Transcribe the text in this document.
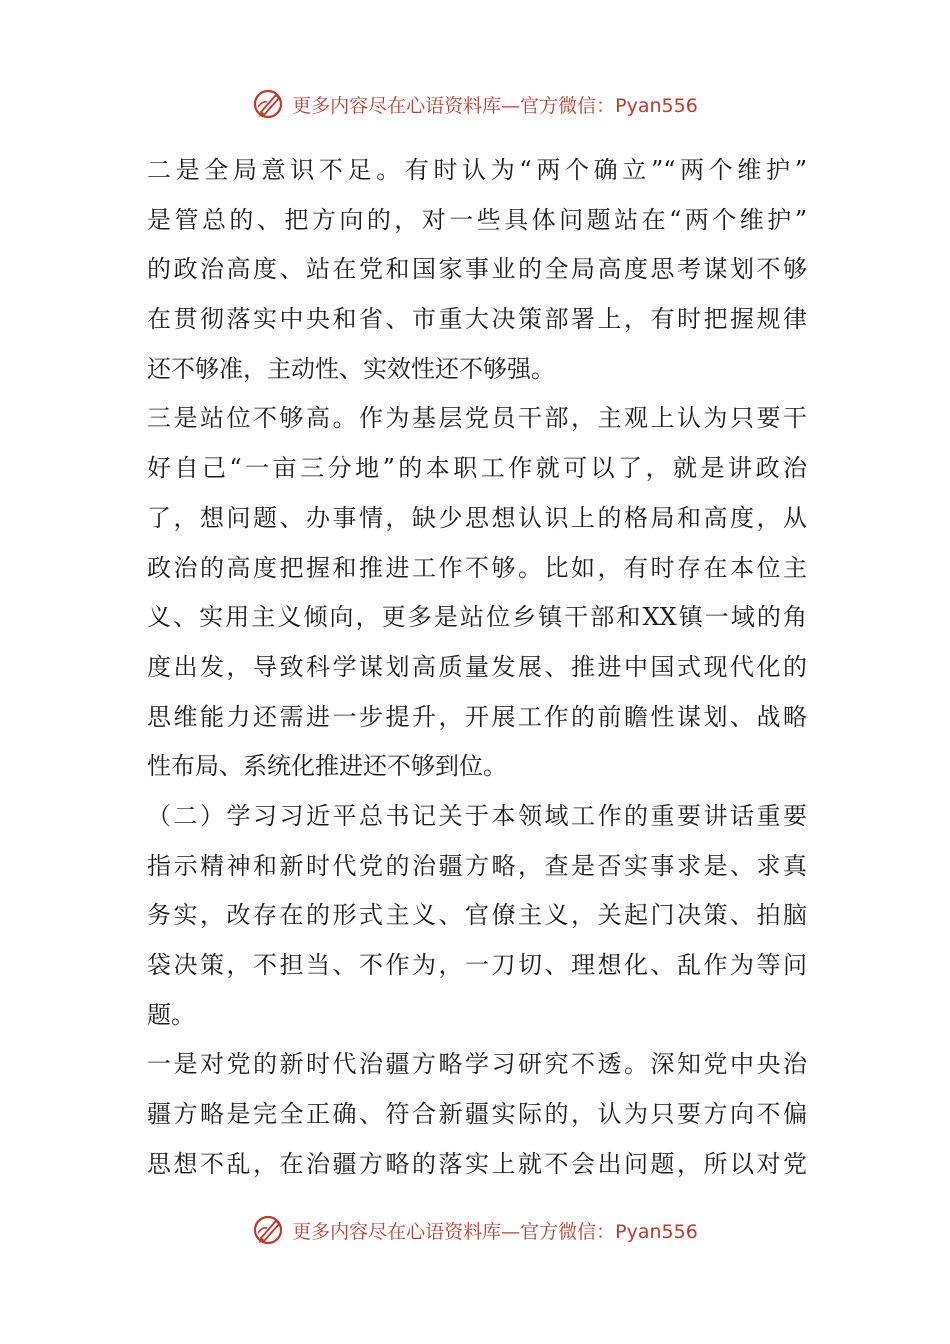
更多内容尽在心语资料库—官方微信：Pyan556
二是全局意识不足。有时认为“两个确立”“两个维护”
是管总的、把方向的，对一些具体问题站在“两个维护”
的政治高度、站在党和国家事业的全局高度思考谋划不够
在贯彻落实中央和省、市重大决策部署上，有时把握规律
还不够准，主动性、实效性还不够强。
三是站位不够高。作为基层党员干部，主观上认为只要干
好自己“一亩三分地”的本职工作就可以了，就是讲政治
了，想问题、办事情，缺少思想认识上的格局和高度，从
政治的高度把握和推进工作不够。比如，有时存在本位主
义、实用主义倾向，更多是站位乡镇干部和XX镇一域的角
度出发，导致科学谋划高质量发展、推进中国式现代化的
思维能力还需进一步提升，开展工作的前瞻性谋划、战略
性布局、系统化推进还不够到位。
（二）学习习近平总书记关于本领域工作的重要讲话重要
指示精神和新时代党的治疆方略，查是否实事求是、求真
务实，改存在的形式主义、官僚主义，关起门决策、拍脑
袋决策，不担当、不作为，一刀切、理想化、乱作为等问
题。
一是对党的新时代治疆方略学习研究不透。深知党中央治
疆方略是完全正确、符合新疆实际的，认为只要方向不偏
思想不乱，在治疆方略的落实上就不会出问题，所以对党
更多内容尽在心语资料库—官方微信：Pyan556
